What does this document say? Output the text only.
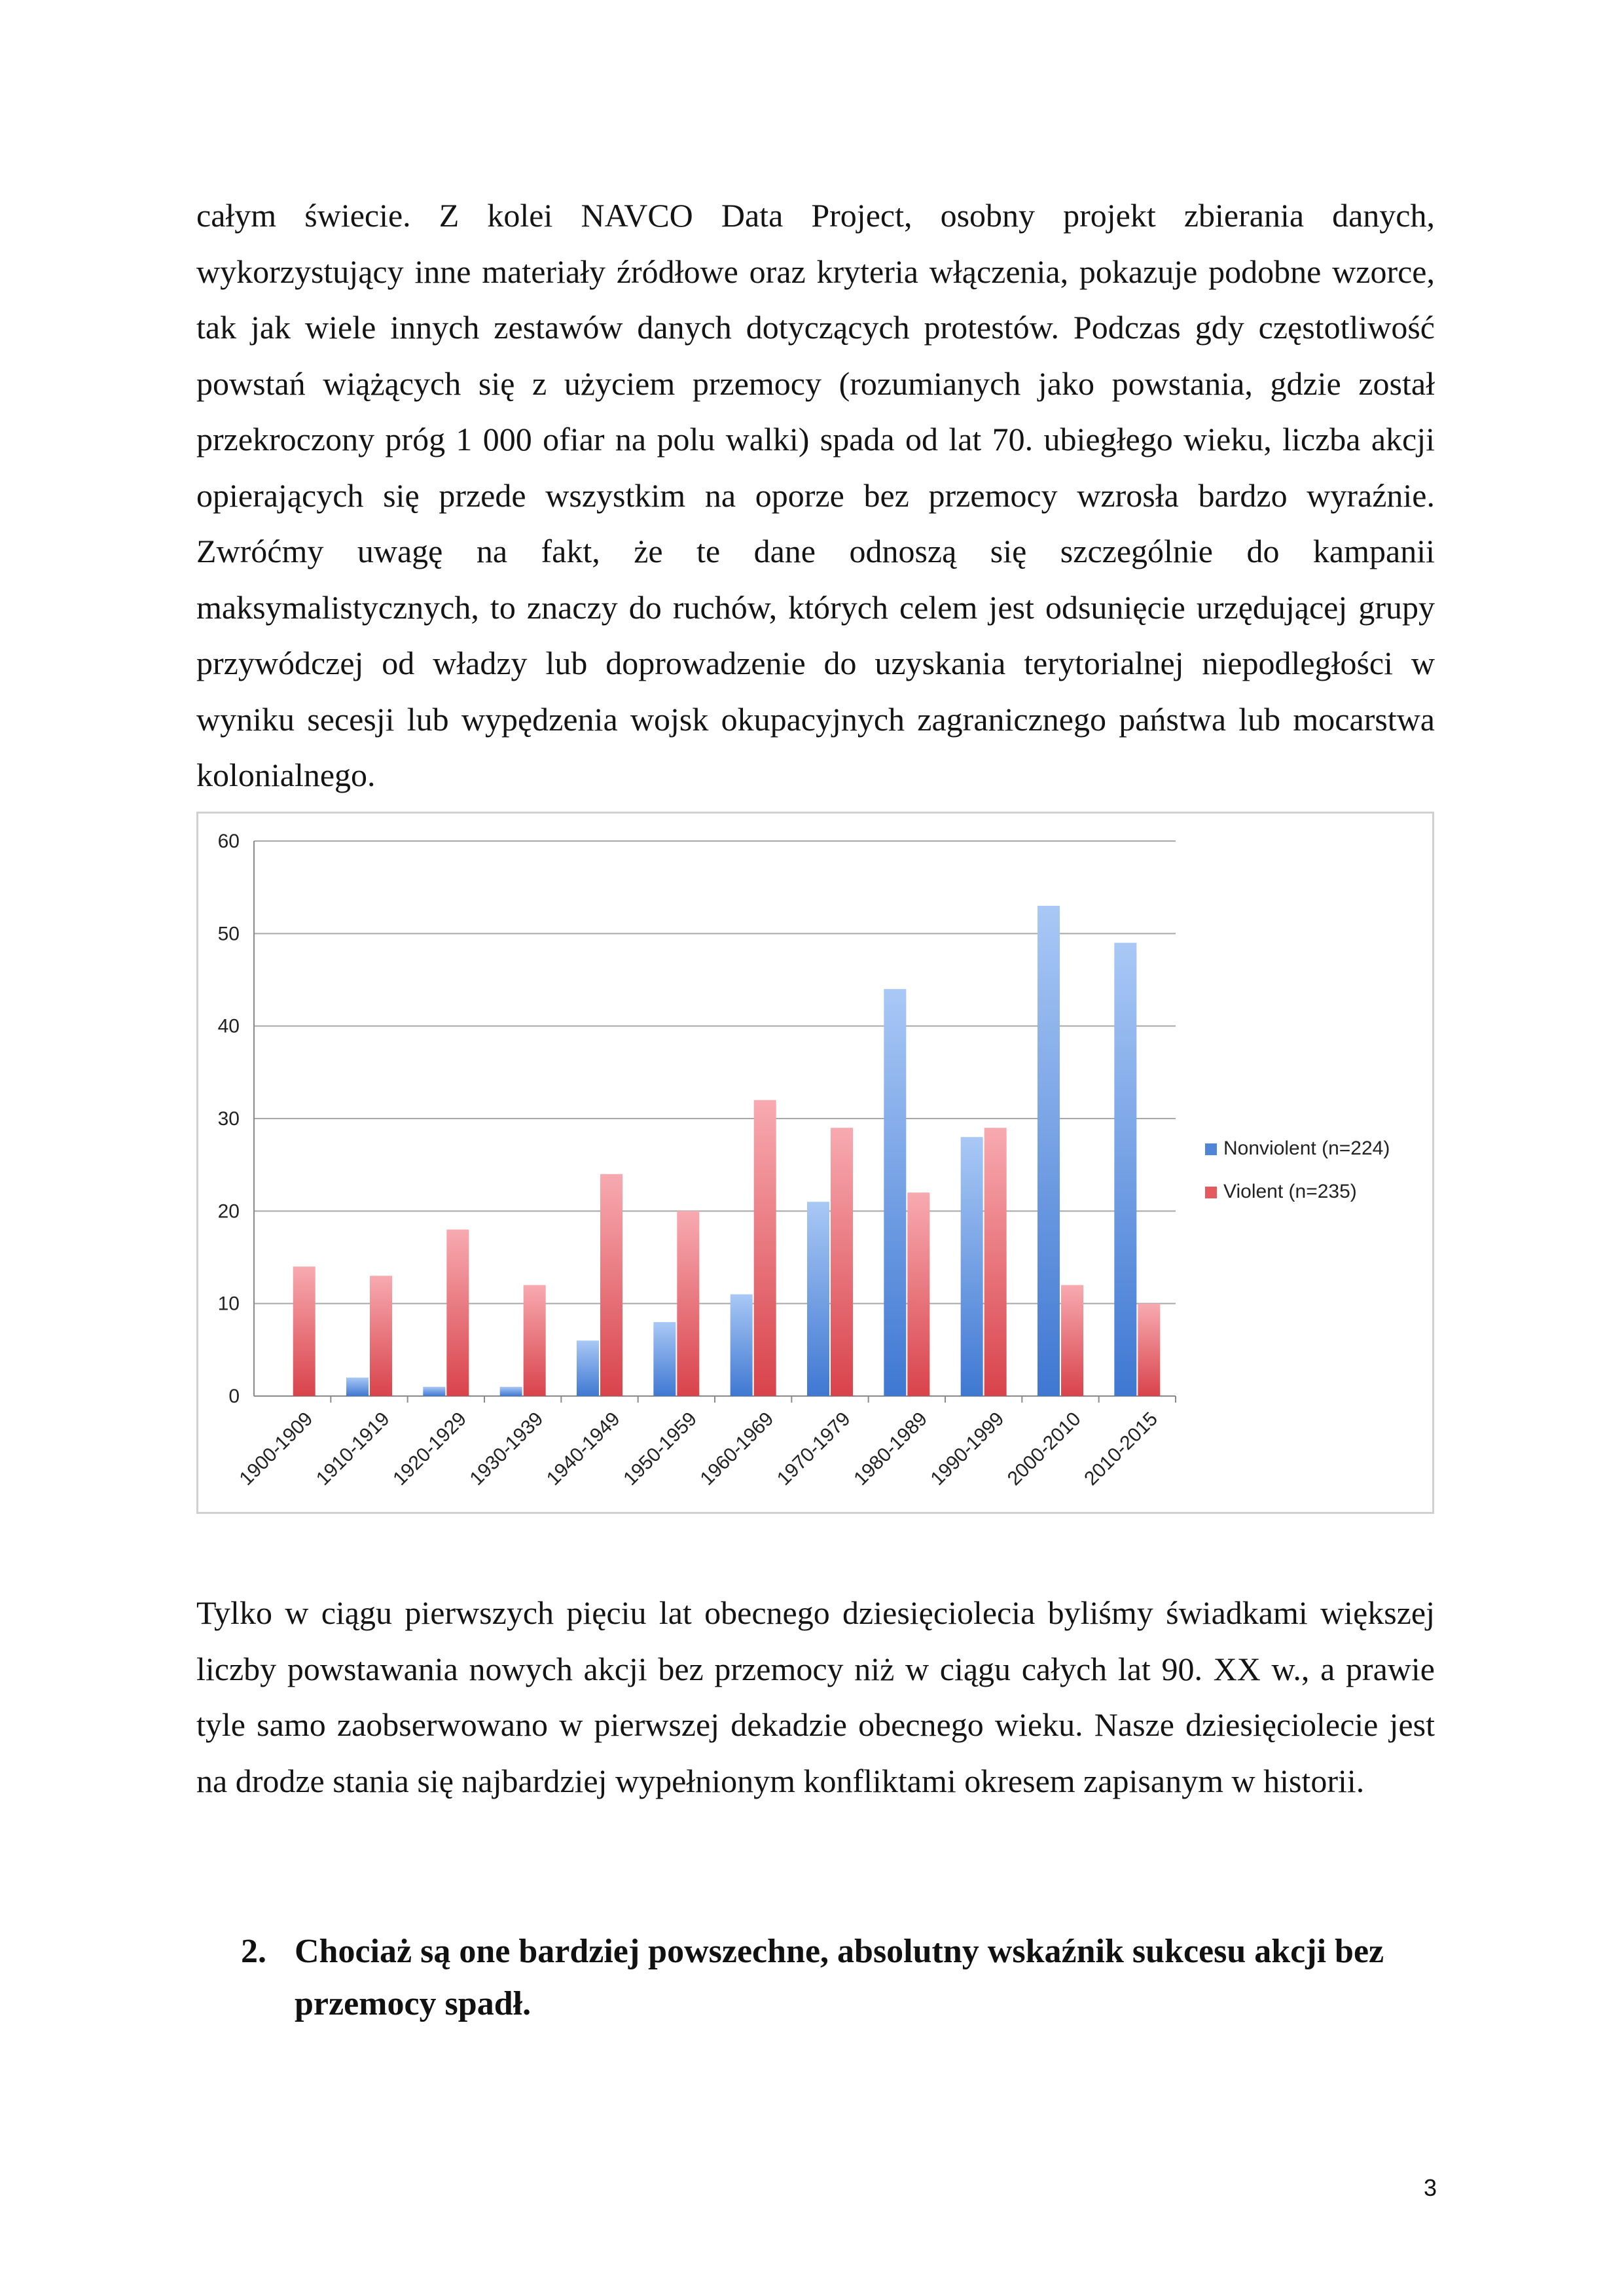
całym świecie. Z kolei NAVCO Data Project, osobny projekt zbierania danych, wykorzystujący inne materiały źródłowe oraz kryteria włączenia, pokazuje podobne wzorce, tak jak wiele innych zestawów danych dotyczących protestów. Podczas gdy częstotliwość powstań wiążących się z użyciem przemocy (rozumianych jako powstania, gdzie został przekroczony próg 1 000 ofiar na polu walki) spada od lat 70. ubiegłego wieku, liczba akcji opierających się przede wszystkim na oporze bez przemocy wzrosła bardzo wyraźnie. Zwróćmy uwagę na fakt, że te dane odnoszą się szczególnie do kampanii maksymalistycznych, to znaczy do ruchów, których celem jest odsunięcie urzędującej grupy przywódczej od władzy lub doprowadzenie do uzyskania terytorialnej niepodległości w wyniku secesji lub wypędzenia wojsk okupacyjnych zagranicznego państwa lub mocarstwa kolonialnego.

0
10
20
30
40
50
60
1900-1909
1910-1919
1920-1929
1930-1939
1940-1949
1950-1959
1960-1969
1970-1979
1980-1989
1990-1999
2000-2010
2010-2015
Nonviolent (n=224)
Violent (n=235)

Tylko w ciągu pierwszych pięciu lat obecnego dziesięciolecia byliśmy świadkami większej liczby powstawania nowych akcji bez przemocy niż w ciągu całych lat 90. XX w., a prawie tyle samo zaobserwowano w pierwszej dekadzie obecnego wieku. Nasze dziesięciolecie jest na drodze stania się najbardziej wypełnionym konfliktami okresem zapisanym w historii.

2. Chociaż są one bardziej powszechne, absolutny wskaźnik sukcesu akcji bez przemocy spadł.
3
